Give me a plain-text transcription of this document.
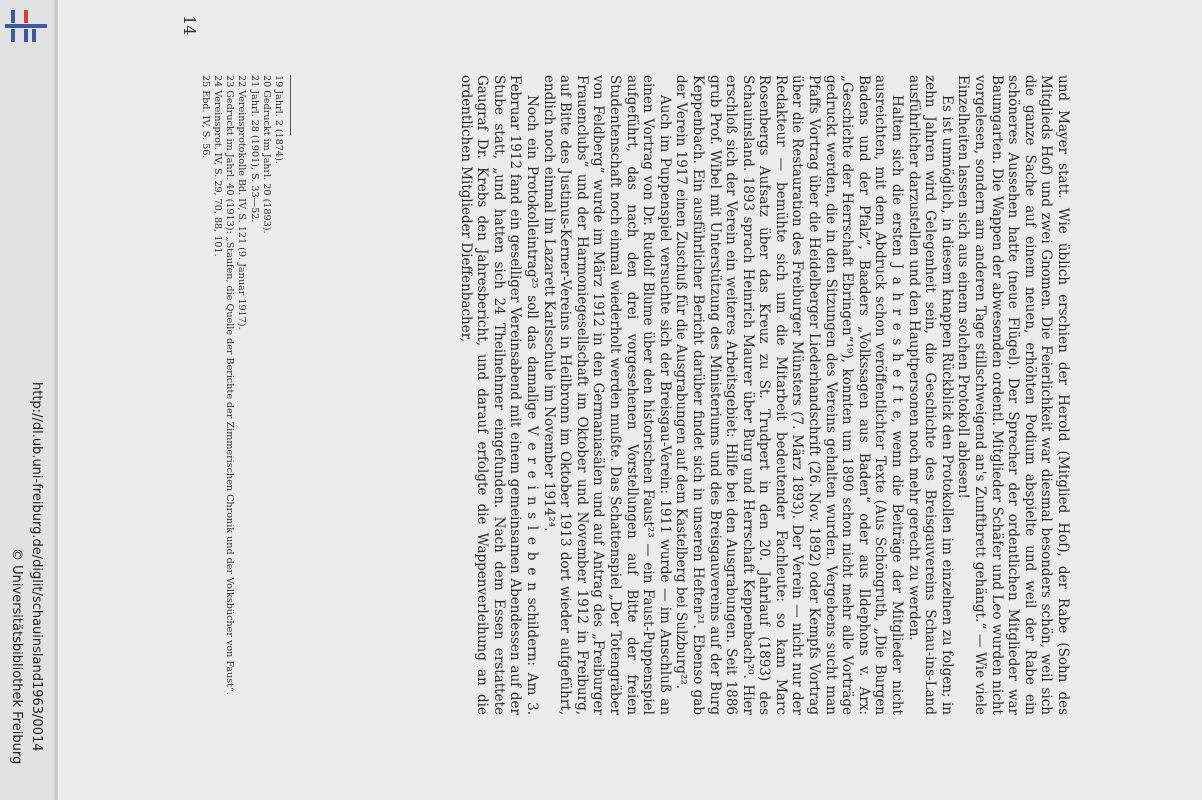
http://dl.ub.uni-freiburg.de/diglit/schauinsland1963/0014
© Universitätsbibliothek Freiburg	und Mayer statt. Wie üblich erschien der Herold (Mitglied Hof), der Rabe (Sohn des Mitglieds Hof) und zwei Gnomen. Die Feierlichkeit war diesmal besonders schön, weil sich die ganze Sache auf einem neuen, erhöhten Podium abspielte und weil der Rabe ein schöneres Aussehen hatte (neue Flügel). Der Sprecher der ordentlichen Mitglieder war Baumgarten. Die Wappen der abwesenden ordentl. Mitglieder Schäfer und Leo wurden nicht vorgelesen, sondern am anderen Tage stillschweigend an's Zunftbrett gehängt.“ — Wie viele Einzelheiten lassen sich aus einem solchen Protokoll ablesen!

Es ist unmöglich, in diesem knappen Rückblick den Protokollen im einzelnen zu folgen; in zehn Jahren wird Gelegenheit sein, die Geschichte des Breisgauvereins Schau-ins-Land ausführlicher darzustellen und den Hauptpersonen noch mehr gerecht zu werden.

Halten sich die ersten J a h r e s h e f t e, wenn die Beiträge der Mitglieder nicht ausreichten, mit dem Abdruck schon veröffentlichter Texte (Aus Schöngruth, „Die Burgen Badens und der Pfalz“, Baaders „Volkssagen aus Baden“ oder aus Ildephons v. Arx: „Geschichte der Herrschaft Ebringen“¹⁹), konnten um 1890 schon nicht mehr alle Vorträge gedruckt werden, die in den Sitzungen des Vereins gehalten wurden. Vergebens sucht man Pfaffs Vortrag über die Heidelberger Liederhandschrift (26. Nov. 1892) oder Kempfs Vortrag über die Restauration des Freiburger Münsters (7. März 1893). Der Verein — nicht nur der Redakteur — bemühte sich um die Mitarbeit bedeutender Fachleute: so kam Marc Rosenbergs Aufsatz über das Kreuz zu St. Trudpert in den 20. Jahrlauf (1893) des Schauinsland. 1893 sprach Heinrich Maurer über Burg und Herrschaft Keppenbach²⁰. Hier erschloß sich der Verein ein weiteres Arbeitsgebiet: Hilfe bei den Ausgrabungen. Seit 1886 grub Prof. Wibel mit Unterstützung des Ministeriums und des Breisgauvereins auf der Burg Keppenbach. Ein ausführlicher Bericht darüber findet sich in unseren Heften²¹. Ebenso gab der Verein 1917 einen Zuschuß für die Ausgrabungen auf dem Kastelberg bei Sulzburg²².

Auch im Puppenspiel versuchte sich der Breisgau-Verein: 1911 wurde — im Anschluß an einen Vortrag von Dr. Rudolf Blume über den historischen Faust²³ — ein Faust-Puppenspiel aufgeführt, das nach den drei vorgesehenen Vorstellungen auf Bitte der freien Studentenschaft noch einmal wiederholt werden mußte. Das Schattenspiel „Der Totengräber von Feldberg“ wurde im März 1912 in den Germaniasälen und auf Antrag des „Freiburger Frauenclubs“ und der Harmoniegesellschaft im Oktober und November 1912 in Freiburg, auf Bitte des Justinus-Kerner-Vereins in Heilbronn im Oktober 1913 dort wieder aufgeführt, endlich noch einmal im Lazarett Karlsschule im November 1914²⁴.

Noch ein Protokolleintrag²⁵ soll das damalige V e r e i n s l e b e n schildern: Am 3. Februar 1912 fand ein geselliger Vereinsabend mit einem gemeinsamen Abendessen auf der Stube statt, „und hatten sich 24 Theilnehmer eingefunden. Nach dem Essen erstattete Gaugraf Dr. Krebs den Jahresbericht, und darauf erfolgte die Wappenverleihung an die ordentlichen Mitglieder Dieffenbacher,

19 Jahrl. 2 (1874).

20 Gedruckt im Jahrl. 20 (1893).

21 Jahrl. 28 (1901), S. 33—52.

22 Vereinsprotokolle Bd. IV, S. 121 (9. Januar 1917).

23 Gedruckt im Jahrl. 40 (1913): „Staufen, die Quelle der Berichte der Zimmerischen Chronik und der Volksbücher von Faust“.

24 Vereinsprot. IV, S. 29, 70, 88, 101.

25 Ebd. IV, S. 56.

14
